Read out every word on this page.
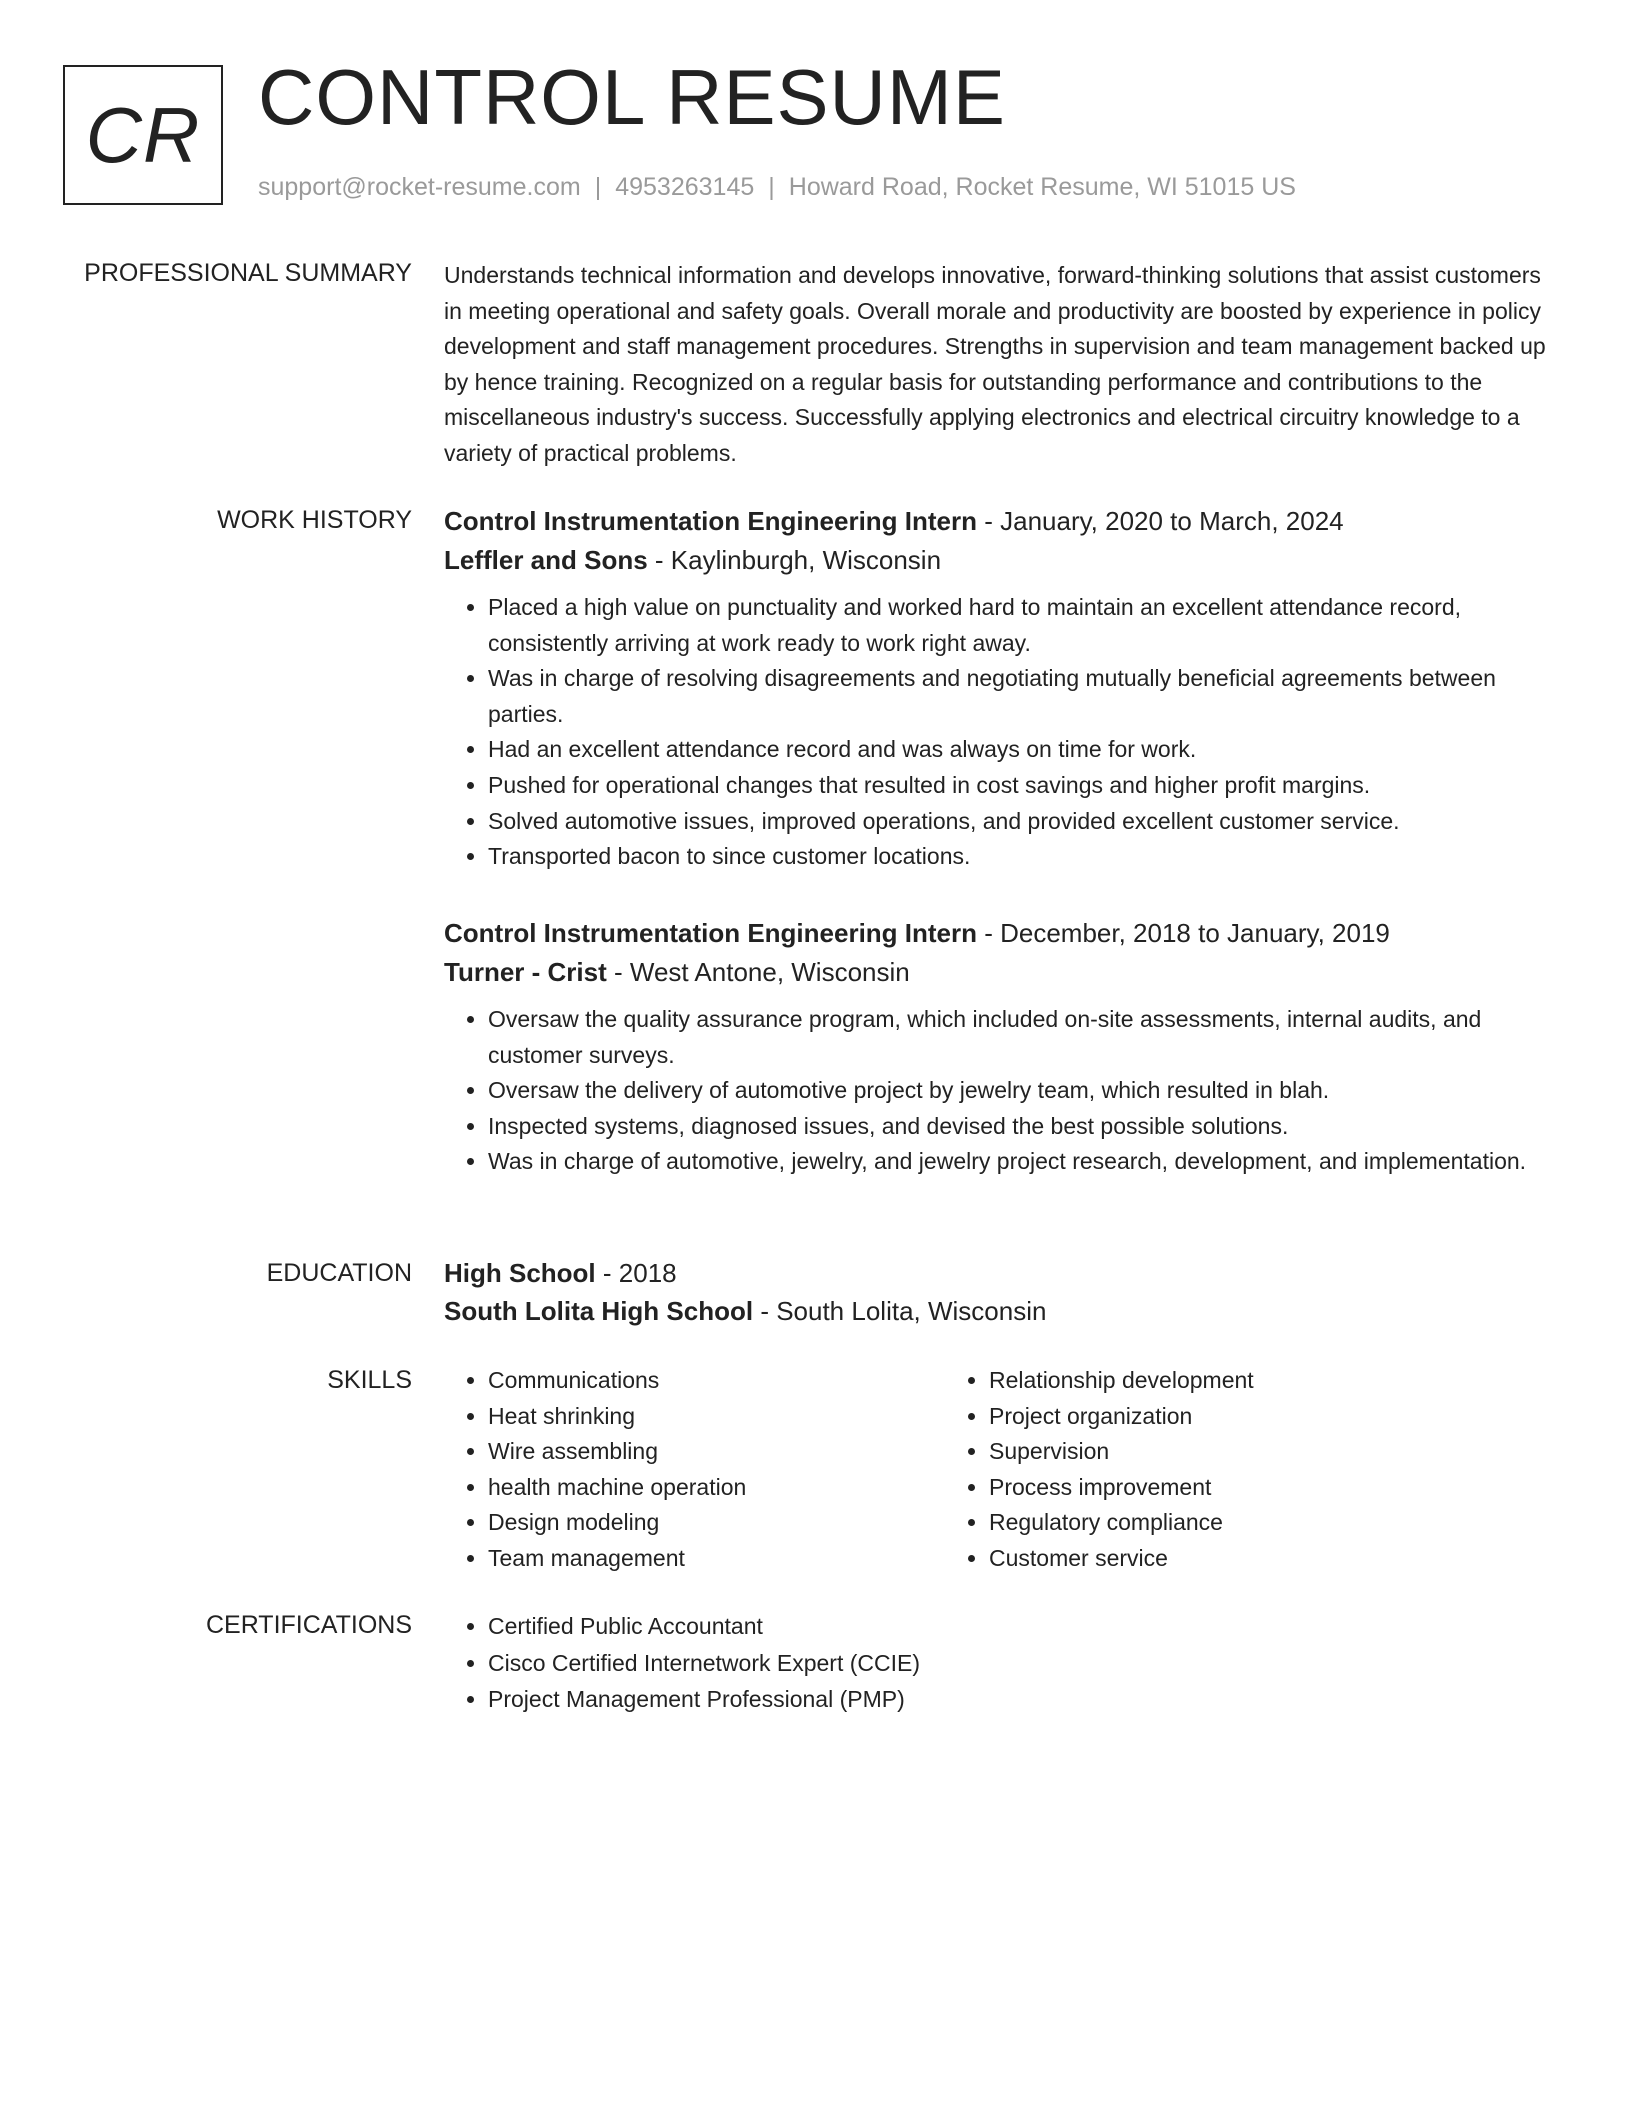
CR CONTROL RESUME
support@rocket-resume.com | 4953263145 | Howard Road, Rocket Resume, WI 51015 US
PROFESSIONAL SUMMARY Understands technical information and develops innovative, forward-thinking solutions that assist customers in meeting operational and safety goals. Overall morale and productivity are boosted by experience in policy development and staff management procedures. Strengths in supervision and team management backed up by hence training. Recognized on a regular basis for outstanding performance and contributions to the miscellaneous industry's success. Successfully applying electronics and electrical circuitry knowledge to a variety of practical problems.
WORK HISTORY Control Instrumentation Engineering Intern - January, 2020 to March, 2024
Leffler and Sons - Kaylinburgh, Wisconsin
• Placed a high value on punctuality and worked hard to maintain an excellent attendance record, consistently arriving at work ready to work right away.
• Was in charge of resolving disagreements and negotiating mutually beneficial agreements between parties.
• Had an excellent attendance record and was always on time for work.
• Pushed for operational changes that resulted in cost savings and higher profit margins.
• Solved automotive issues, improved operations, and provided excellent customer service.
• Transported bacon to since customer locations.
Control Instrumentation Engineering Intern - December, 2018 to January, 2019
Turner - Crist - West Antone, Wisconsin
• Oversaw the quality assurance program, which included on-site assessments, internal audits, and customer surveys.
• Oversaw the delivery of automotive project by jewelry team, which resulted in blah.
• Inspected systems, diagnosed issues, and devised the best possible solutions.
• Was in charge of automotive, jewelry, and jewelry project research, development, and implementation.
EDUCATION High School - 2018
South Lolita High School - South Lolita, Wisconsin
SKILLS	• Communications
• Heat shrinking
• Wire assembling
• health machine operation
• Design modeling
• Team management
• Relationship development
• Project organization
• Supervision
• Process improvement
• Regulatory compliance
• Customer service
CERTIFICATIONS	• Certified Public Accountant
• Cisco Certified Internetwork Expert (CCIE)
• Project Management Professional (PMP)
